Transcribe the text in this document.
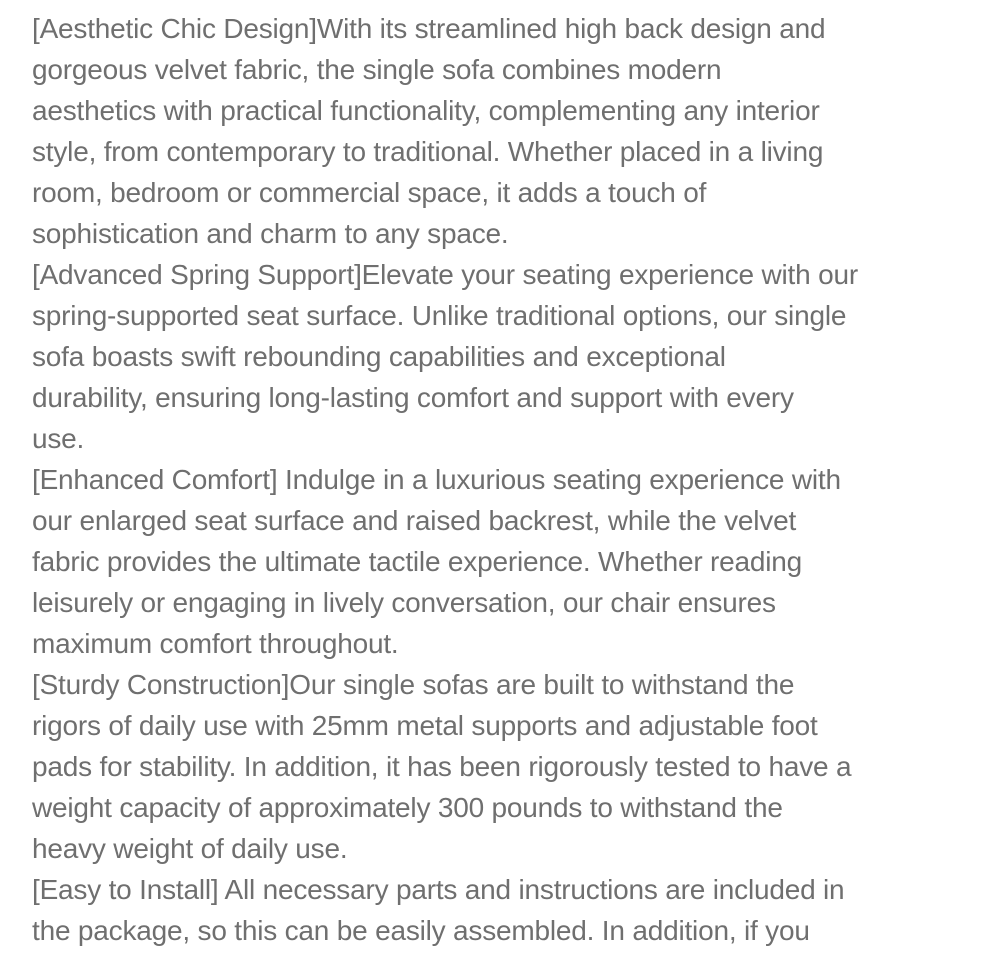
[Aesthetic Chic Design]With its streamlined high back design and
gorgeous velvet fabric, the single sofa combines modern
aesthetics with practical functionality, complementing any interior
style, from contemporary to traditional. Whether placed in a living
room, bedroom or commercial space, it adds a touch of
sophistication and charm to any space.
[Advanced Spring Support]Elevate your seating experience with our
spring-supported seat surface. Unlike traditional options, our single
sofa boasts swift rebounding capabilities and exceptional
durability, ensuring long-lasting comfort and support with every
use.
[Enhanced Comfort] Indulge in a luxurious seating experience with
our enlarged seat surface and raised backrest, while the velvet
fabric provides the ultimate tactile experience. Whether reading
leisurely or engaging in lively conversation, our chair ensures
maximum comfort throughout.
[Sturdy Construction]Our single sofas are built to withstand the
rigors of daily use with 25mm metal supports and adjustable foot
pads for stability. In addition, it has been rigorously tested to have a
weight capacity of approximately 300 pounds to withstand the
heavy weight of daily use.
[Easy to Install] All necessary parts and instructions are included in
the package, so this can be easily assembled. In addition, if you
